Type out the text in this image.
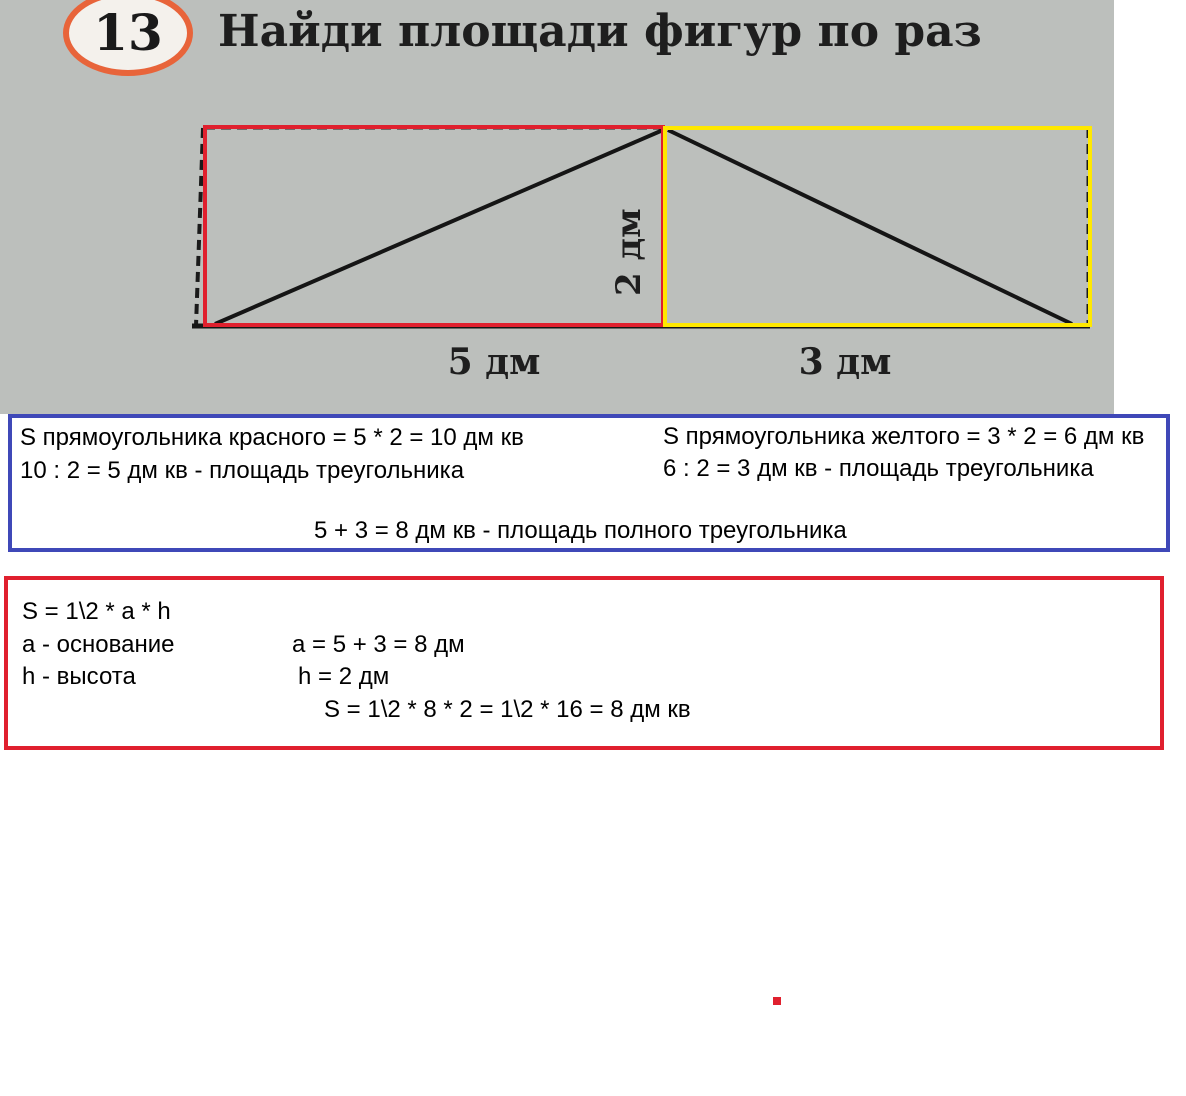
13 Найди площади фигур по раз
2 дм
5 дм	3 дм
S прямоугольника красного = 5 * 2 = 10 дм кв
10 : 2 = 5 дм кв - площадь треугольника
S прямоугольника желтого = 3 * 2 = 6 дм кв
6 : 2 = 3 дм кв - площадь треугольника
5 + 3 = 8 дм кв - площадь полного треугольника
S = 1\2 * a * h
a - основание
h - высота
a = 5 + 3 = 8 дм
h = 2 дм
S = 1\2 * 8 * 2 = 1\2 * 16 = 8 дм кв
